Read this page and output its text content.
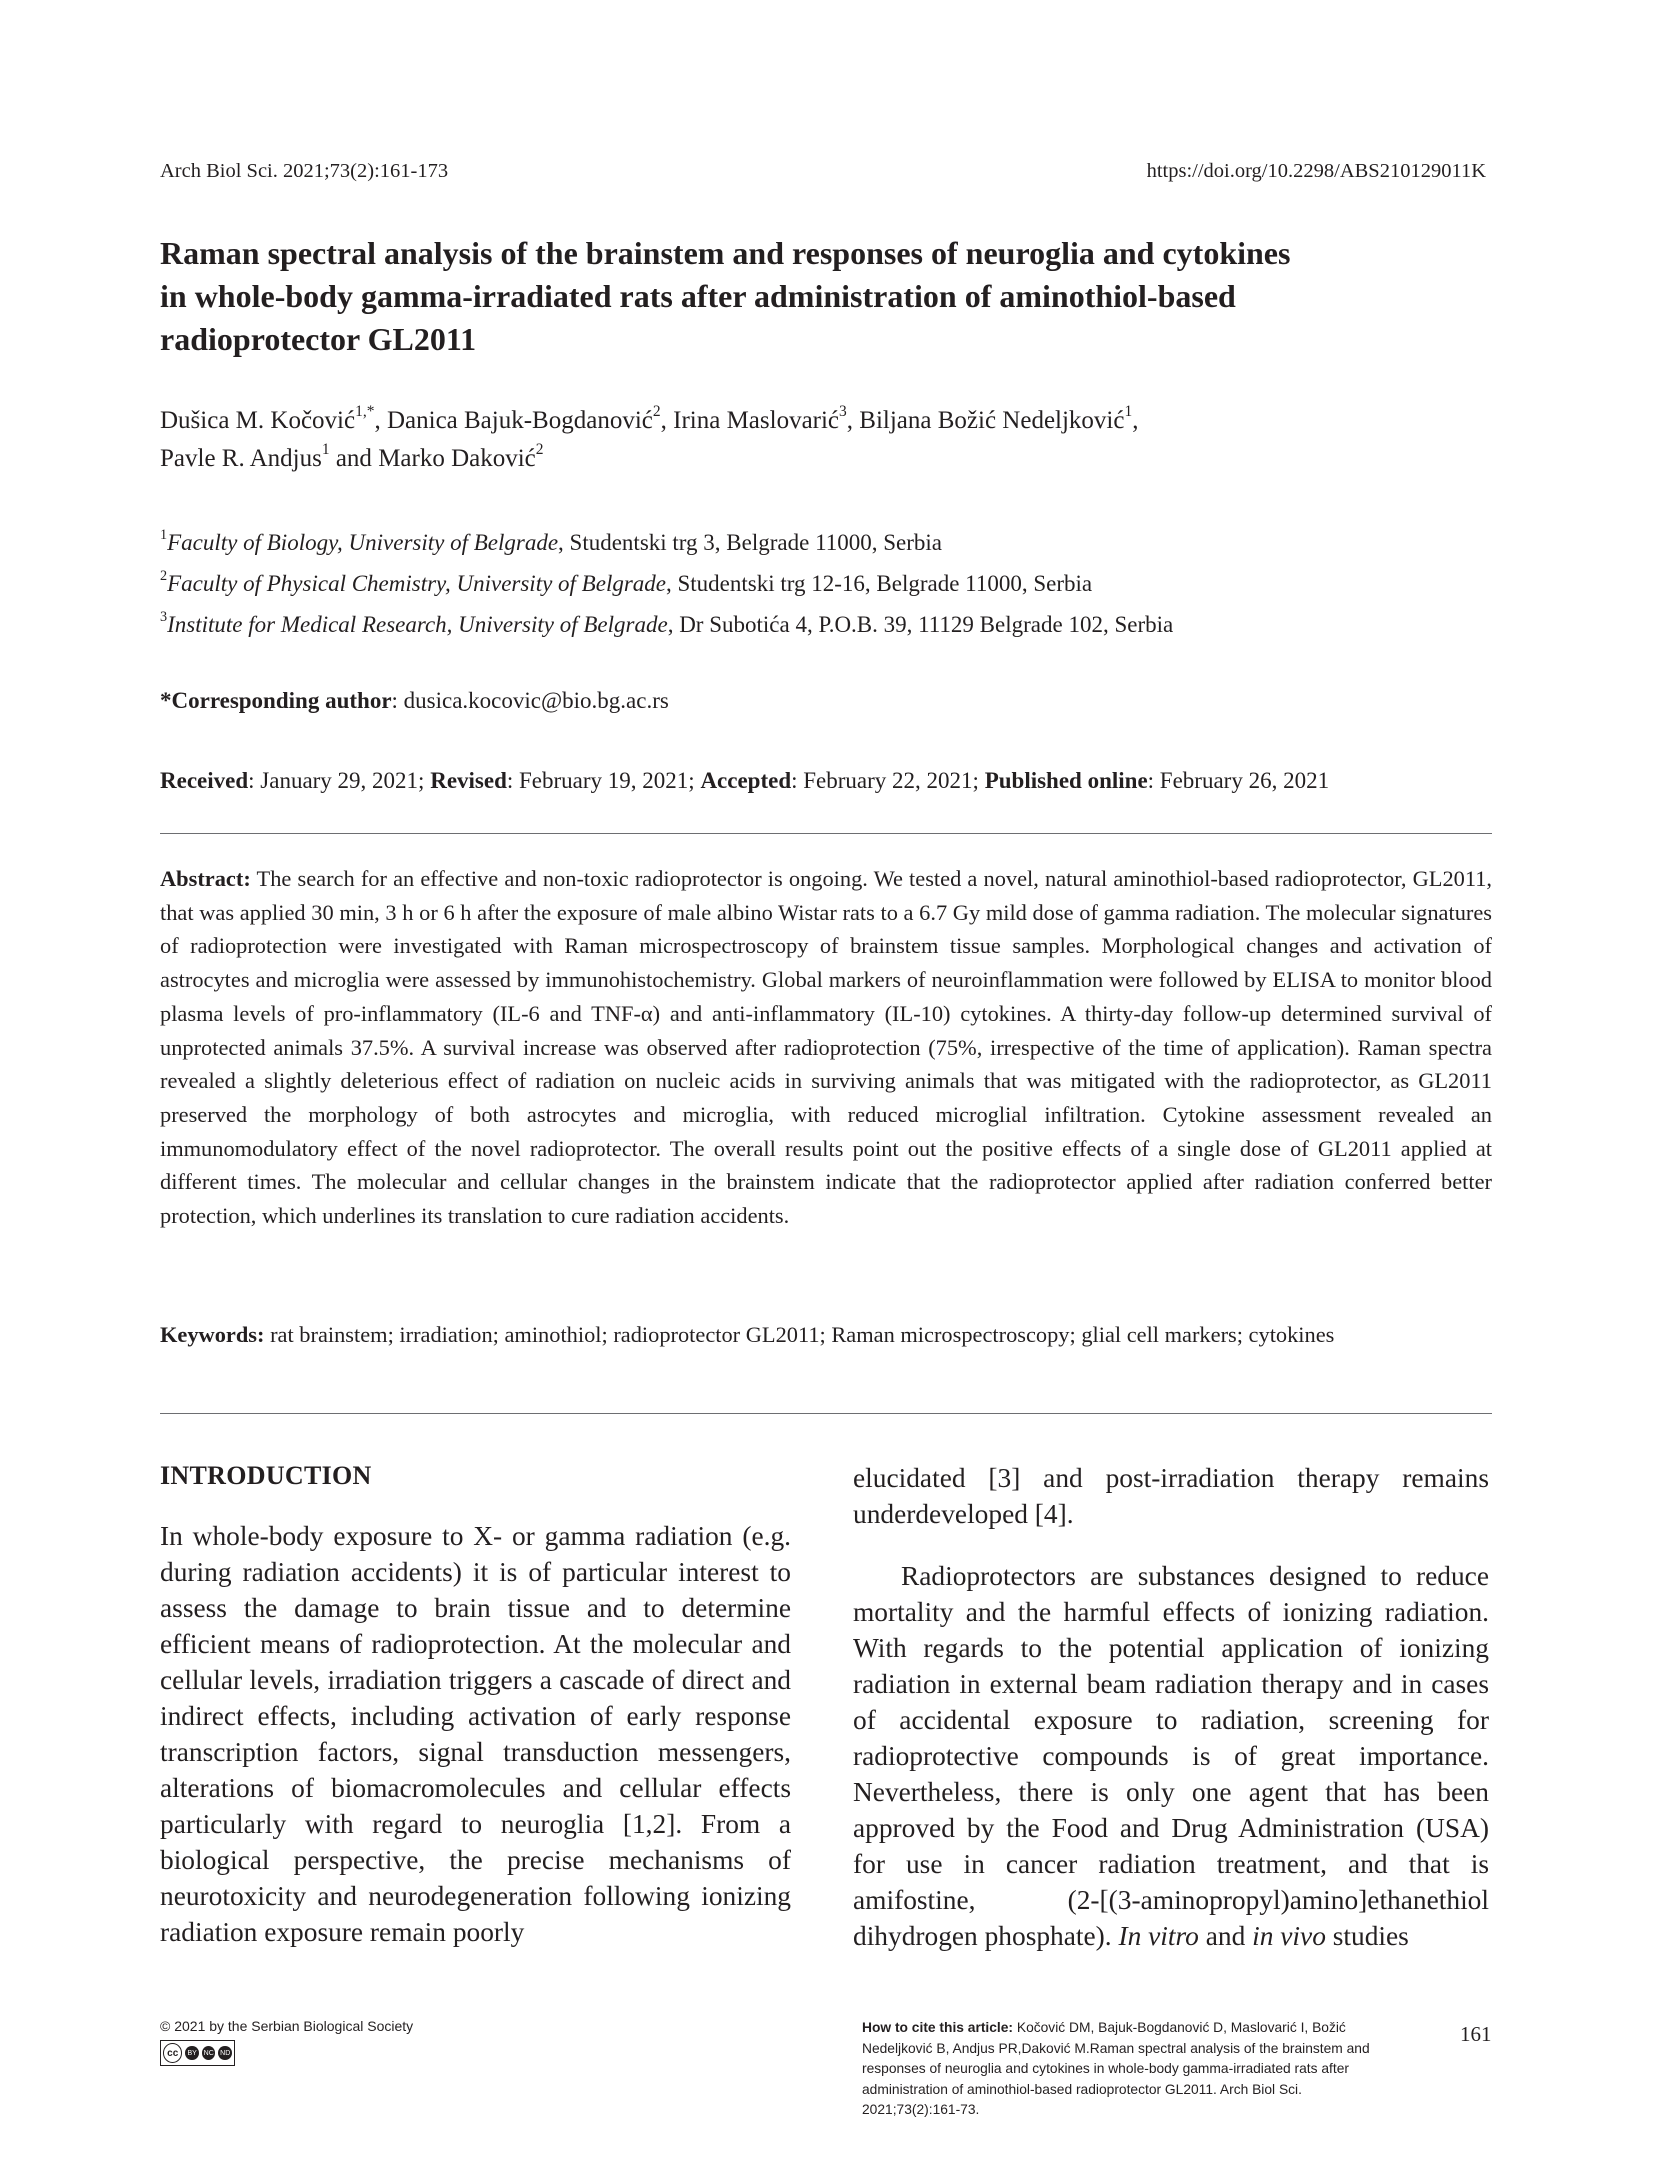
Arch Biol Sci. 2021;73(2):161-173	https://doi.org/10.2298/ABS210129011K
Raman spectral analysis of the brainstem and responses of neuroglia and cytokines
in whole-body gamma-irradiated rats after administration of aminothiol-based
radioprotector GL2011
Dušica M. Kočović$^{1,*}$, Danica Bajuk-Bogdanović$^2$, Irina Maslovarić$^3$, Biljana Božić Nedeljković$^1$,
Pavle R. Andjus$^1$ and Marko Daković$^2$
$^1$Faculty of Biology, University of Belgrade, Studentski trg 3, Belgrade 11000, Serbia
$^2$Faculty of Physical Chemistry, University of Belgrade, Studentski trg 12-16, Belgrade 11000, Serbia
$^3$Institute for Medical Research, University of Belgrade, Dr Subotića 4, P.O.B. 39, 11129 Belgrade 102, Serbia
*Corresponding author: dusica.kocovic@bio.bg.ac.rs
Received: January 29, 2021; Revised: February 19, 2021; Accepted: February 22, 2021; Published online: February 26, 2021

Abstract: The search for an effective and non-toxic radioprotector is ongoing. We tested a novel, natural aminothiol-based radioprotector, GL2011, that was applied 30 min, 3 h or 6 h after the exposure of male albino Wistar rats to a 6.7 Gy mild dose of gamma radiation. The molecular signatures of radioprotection were investigated with Raman microspectroscopy of brainstem tissue samples. Morphological changes and activation of astrocytes and microglia were assessed by immunohistochemistry. Global markers of neuroinflammation were followed by ELISA to monitor blood plasma levels of pro-inflammatory (IL-6 and TNF-α) and anti-inflammatory (IL-10) cytokines. A thirty-day follow-up determined survival of unprotected animals 37.5%. A survival increase was observed after radioprotection (75%, irrespective of the time of application). Raman spectra revealed a slightly deleterious effect of radiation on nucleic acids in surviving animals that was mitigated with the radioprotector, as GL2011 preserved the morphology of both astrocytes and microglia, with reduced microglial infiltration. Cytokine assessment revealed an immunomodulatory effect of the novel radioprotector. The overall results point out the positive effects of a single dose of GL2011 applied at different times. The molecular and cellular changes in the brainstem indicate that the radioprotector applied after radiation conferred better protection, which underlines its translation to cure radiation accidents.

Keywords: rat brainstem; irradiation; aminothiol; radioprotector GL2011; Raman microspectroscopy; glial cell markers; cytokines

INTRODUCTION

In whole-body exposure to X- or gamma radiation (e.g. during radiation accidents) it is of particular interest to assess the damage to brain tissue and to determine efficient means of radioprotection. At the molecular and cellular levels, irradiation triggers a cascade of direct and indirect effects, including activation of early response transcription factors, signal transduction messengers, alterations of biomacromolecules and cellular effects particularly with regard to neuroglia [1,2]. From a biological perspective, the precise mechanisms of neurotoxicity and neurodegeneration following ionizing radiation exposure remain poorly

elucidated [3] and post-irradiation therapy remains underdeveloped [4].

Radioprotectors are substances designed to reduce mortality and the harmful effects of ionizing radiation. With regards to the potential application of ionizing radiation in external beam radiation therapy and in cases of accidental exposure to radiation, screening for radioprotective compounds is of great importance. Nevertheless, there is only one agent that has been approved by the Food and Drug Administration (USA) for use in cancer radiation treatment, and that is amifostine, (2-[(3-aminopropyl)amino]ethanethiol dihydrogen phosphate). In vitro and in vivo studies

© 2021 by the Serbian Biological Society
cc	BY NC ND

How to cite this article: Kočović DM, Bajuk-Bogdanović D, Maslovarić I, Božić Nedeljković B, Andjus PR,Daković M.Raman spectral analysis of the brainstem and responses of neuroglia and cytokines in whole-body gamma-irradiated rats after administration of aminothiol-based radioprotector GL2011. Arch Biol Sci. 2021;73(2):161-73.

161
